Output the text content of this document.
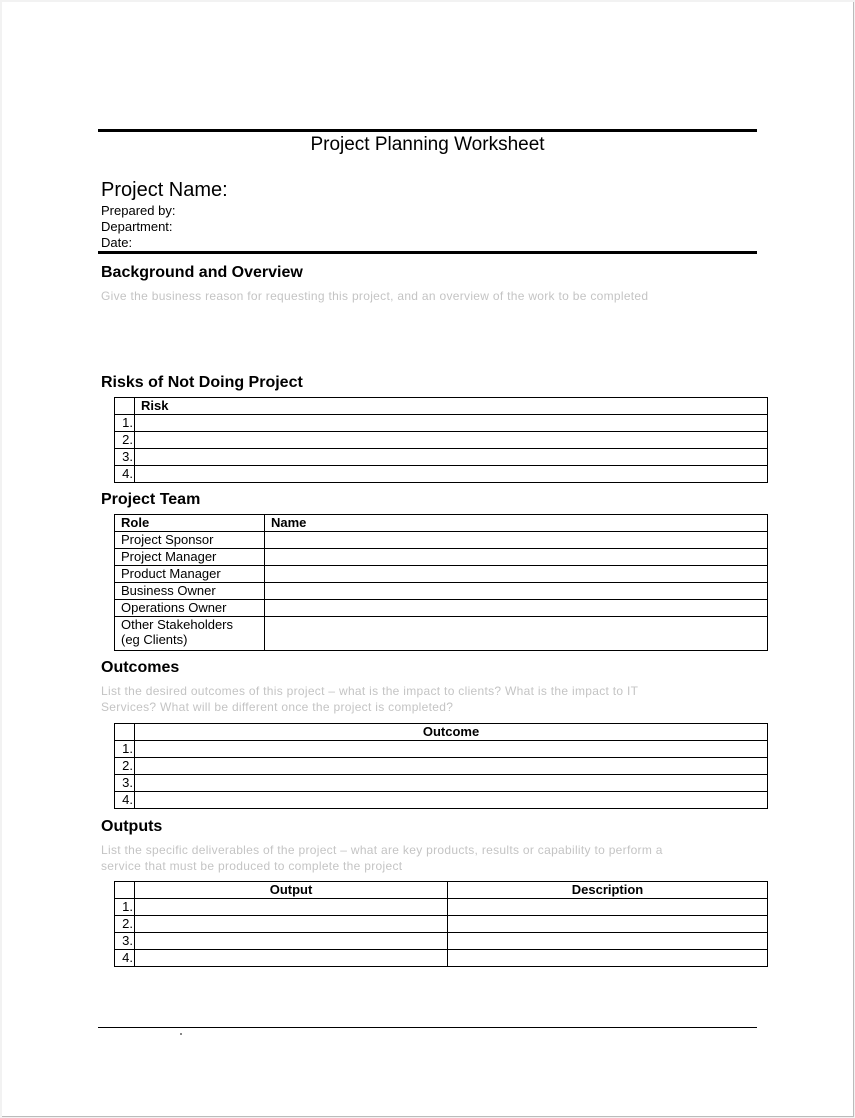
Project Planning Worksheet
Project Name:
Prepared by:
Department:
Date:
Background and Overview
Give the business reason for requesting this project, and an overview of the work to be completed
Risks of Not Doing Project
	Risk
1.	
2.	
3.	
4.	
Project Team
Role	Name
Project Sponsor	
Project Manager	
Product Manager	
Business Owner	
Operations Owner	
Other Stakeholders
(eg Clients)	
Outcomes
List the desired outcomes of this project – what is the impact to clients? What is the impact to IT
Services? What will be different once the project is completed?
	Outcome
1.	
2.	
3.	
4.	
Outputs
List the specific deliverables of the project – what are key products, results or capability to perform a
service that must be produced to complete the project
	Output	Description
1.		
2.		
3.		
4.		
